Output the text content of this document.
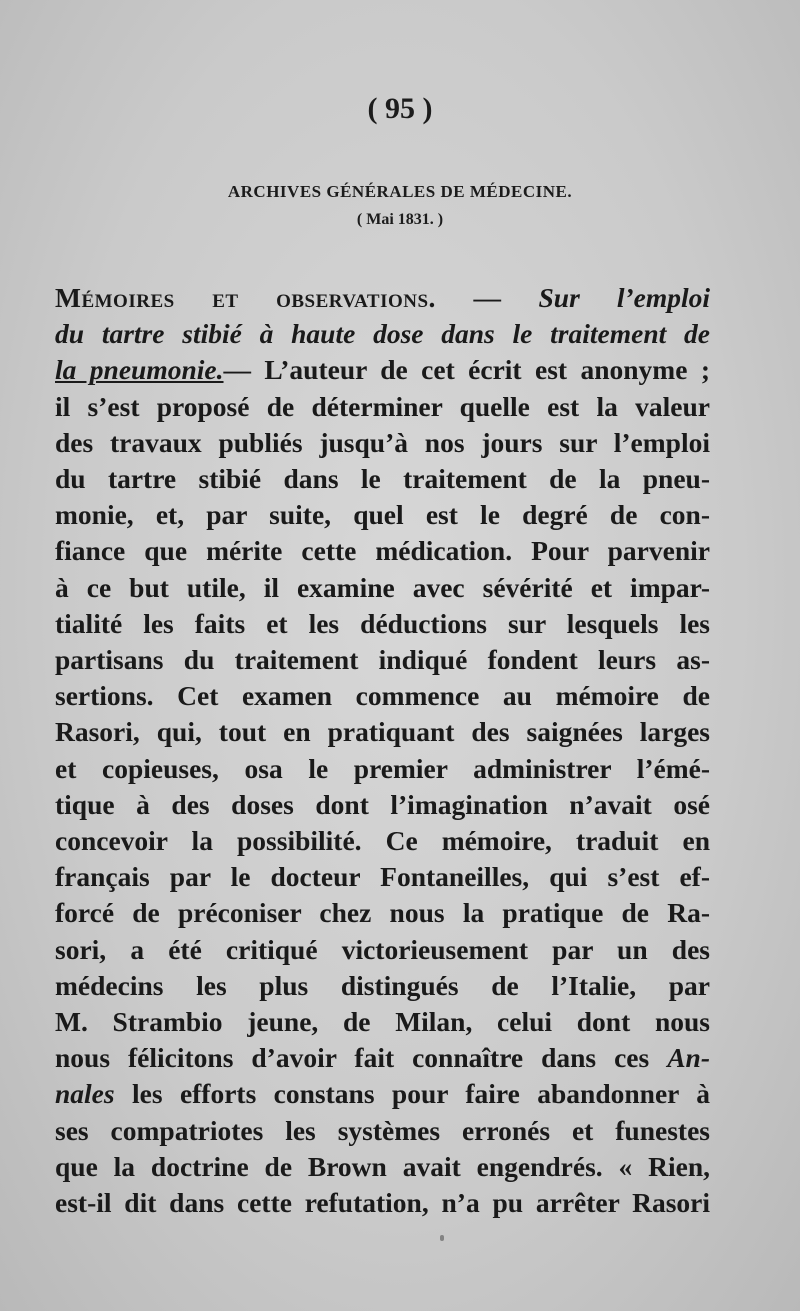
( 95 )
ARCHIVES GÉNÉRALES DE MÉDECINE.
( Mai 1831. )
Mémoires et observations. — Sur l’emploi
du tartre stibié à haute dose dans le traitement de
la pneumonie.— L’auteur de cet écrit est anonyme ;
il s’est proposé de déterminer quelle est la valeur
des travaux publiés jusqu’à nos jours sur l’emploi
du tartre stibié dans le traitement de la pneu-
monie, et, par suite, quel est le degré de con-
fiance que mérite cette médication. Pour parvenir
à ce but utile, il examine avec sévérité et impar-
tialité les faits et les déductions sur lesquels les
partisans du traitement indiqué fondent leurs as-
sertions. Cet examen commence au mémoire de
Rasori, qui, tout en pratiquant des saignées larges
et copieuses, osa le premier administrer l’émé-
tique à des doses dont l’imagination n’avait osé
concevoir la possibilité. Ce mémoire, traduit en
français par le docteur Fontaneilles, qui s’est ef-
forcé de préconiser chez nous la pratique de Ra-
sori, a été critiqué victorieusement par un des
médecins les plus distingués de l’Italie, par
M. Strambio jeune, de Milan, celui dont nous
nous félicitons d’avoir fait connaître dans ces An-
nales les efforts constans pour faire abandonner à
ses compatriotes les systèmes erronés et funestes
que la doctrine de Brown avait engendrés. « Rien,
est-il dit dans cette refutation, n’a pu arrêter Rasori
